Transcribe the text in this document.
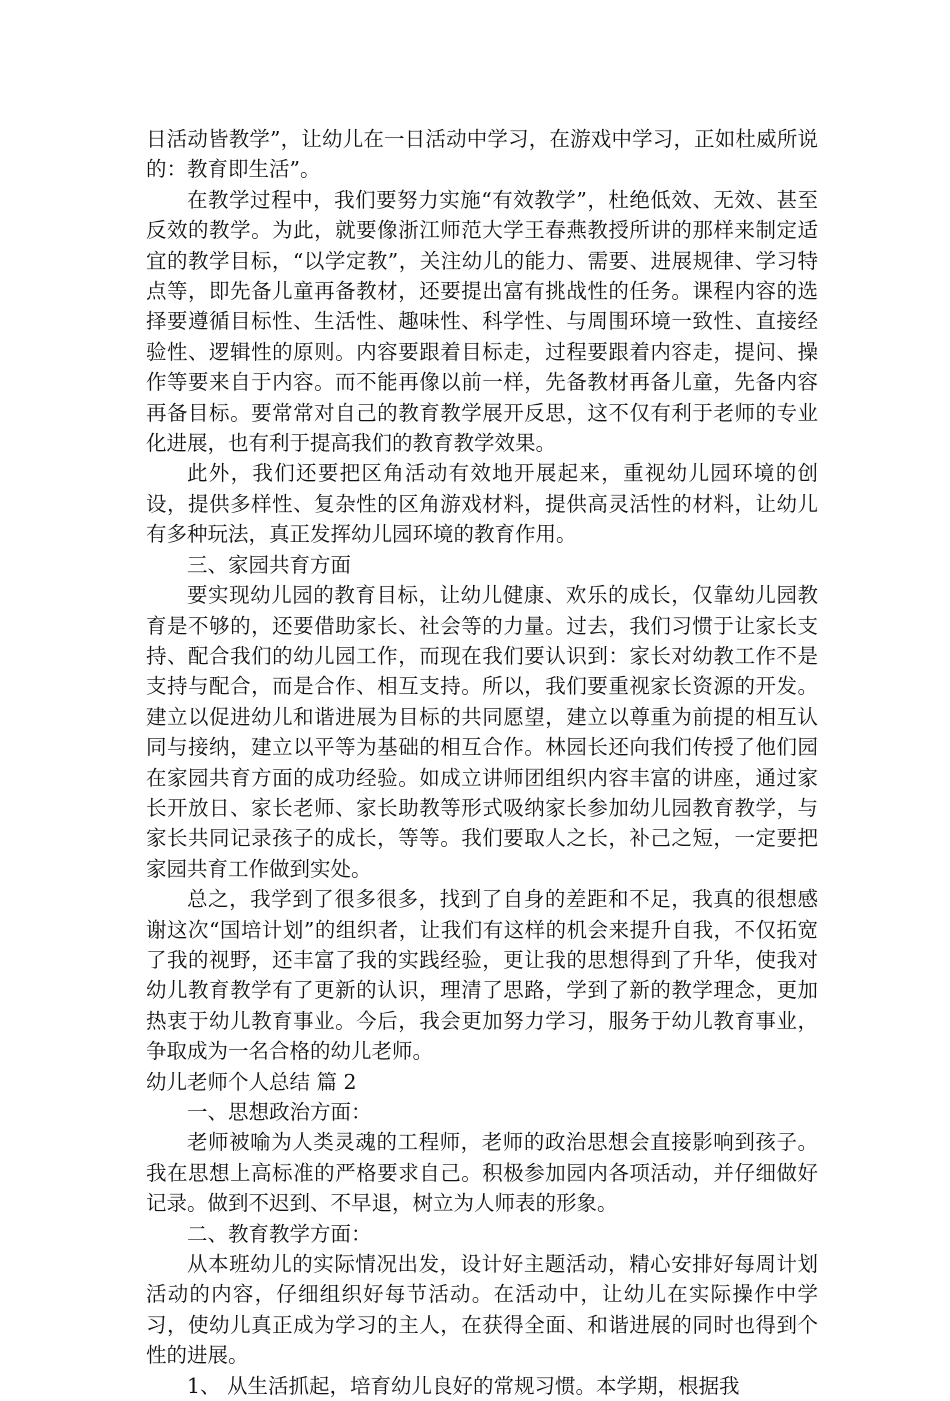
日活动皆教学”，让幼儿在一日活动中学习，在游戏中学习，正如杜威所说的：教育即生活”。

在教学过程中，我们要努力实施“有效教学”，杜绝低效、无效、甚至反效的教学。为此，就要像浙江师范大学王春燕教授所讲的那样来制定适宜的教学目标，“以学定教”，关注幼儿的能力、需要、进展规律、学习特点等，即先备儿童再备教材，还要提出富有挑战性的任务。课程内容的选择要遵循目标性、生活性、趣味性、科学性、与周围环境一致性、直接经验性、逻辑性的原则。内容要跟着目标走，过程要跟着内容走，提问、操作等要来自于内容。而不能再像以前一样，先备教材再备儿童，先备内容再备目标。要常常对自己的教育教学展开反思，这不仅有利于老师的专业化进展，也有利于提高我们的教育教学效果。

此外，我们还要把区角活动有效地开展起来，重视幼儿园环境的创设，提供多样性、复杂性的区角游戏材料，提供高灵活性的材料，让幼儿有多种玩法，真正发挥幼儿园环境的教育作用。

三、家园共育方面

要实现幼儿园的教育目标，让幼儿健康、欢乐的成长，仅靠幼儿园教育是不够的，还要借助家长、社会等的力量。过去，我们习惯于让家长支持、配合我们的幼儿园工作，而现在我们要认识到：家长对幼教工作不是支持与配合，而是合作、相互支持。所以，我们要重视家长资源的开发。建立以促进幼儿和谐进展为目标的共同愿望，建立以尊重为前提的相互认同与接纳，建立以平等为基础的相互合作。林园长还向我们传授了他们园在家园共育方面的成功经验。如成立讲师团组织内容丰富的讲座，通过家长开放日、家长老师、家长助教等形式吸纳家长参加幼儿园教育教学，与家长共同记录孩子的成长，等等。我们要取人之长，补己之短，一定要把家园共育工作做到实处。

总之，我学到了很多很多，找到了自身的差距和不足，我真的很想感谢这次“国培计划”的组织者，让我们有这样的机会来提升自我，不仅拓宽了我的视野，还丰富了我的实践经验，更让我的思想得到了升华，使我对幼儿教育教学有了更新的认识，理清了思路，学到了新的教学理念，更加热衷于幼儿教育事业。今后，我会更加努力学习，服务于幼儿教育事业，争取成为一名合格的幼儿老师。

幼儿老师个人总结 篇 2

一、思想政治方面：

老师被喻为人类灵魂的工程师，老师的政治思想会直接影响到孩子。我在思想上高标准的严格要求自己。积极参加园内各项活动，并仔细做好记录。做到不迟到、不早退，树立为人师表的形象。

二、教育教学方面：

从本班幼儿的实际情况出发，设计好主题活动，精心安排好每周计划活动的内容，仔细组织好每节活动。在活动中，让幼儿在实际操作中学习，使幼儿真正成为学习的主人，在获得全面、和谐进展的同时也得到个性的进展。

1、 从生活抓起，培育幼儿良好的常规习惯。本学期，根据我
